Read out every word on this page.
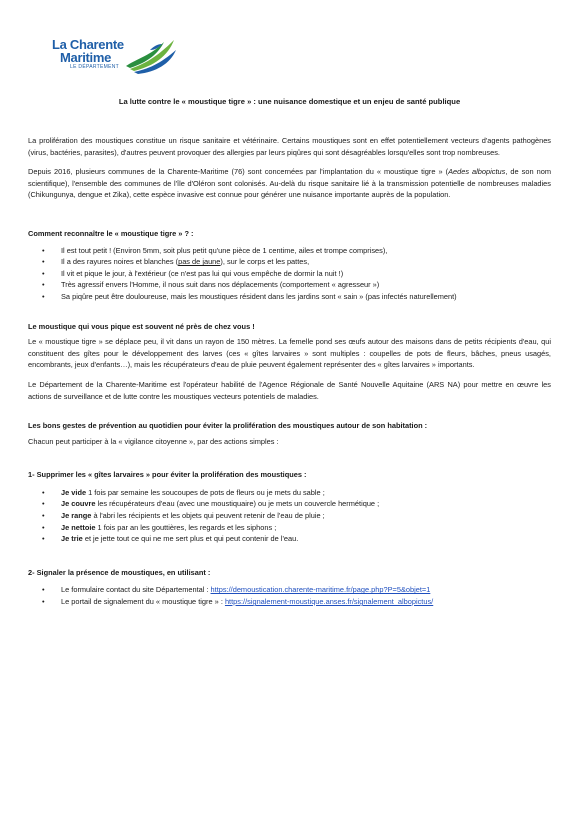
La Charente
Maritime
LE DÉPARTEMENT
La lutte contre le « moustique tigre » : une nuisance domestique et un enjeu de santé publique

La prolifération des moustiques constitue un risque sanitaire et vétérinaire. Certains moustiques sont en effet potentiellement vecteurs d'agents pathogènes (virus, bactéries, parasites), d'autres peuvent provoquer des allergies par leurs piqûres qui sont désagréables lorsqu'elles sont trop nombreuses.

Depuis 2016, plusieurs communes de la Charente-Maritime (76) sont concernées par l'implantation du « moustique tigre » (Aedes albopictus, de son nom scientifique), l'ensemble des communes de l'île d'Oléron sont colonisés. Au-delà du risque sanitaire lié à la transmission potentielle de nombreuses maladies (Chikungunya, dengue et Zika), cette espèce invasive est connue pour générer une nuisance importante auprès de la population.

Comment reconnaître le « moustique tigre » ? :

• Il est tout petit ! (Environ 5mm, soit plus petit qu'une pièce de 1 centime, ailes et trompe comprises),
• Il a des rayures noires et blanches (pas de jaune), sur le corps et les pattes,
• Il vit et pique le jour, à l'extérieur (ce n'est pas lui qui vous empêche de dormir la nuit !)
• Très agressif envers l'Homme, il nous suit dans nos déplacements (comportement « agresseur »)
• Sa piqûre peut être douloureuse, mais les moustiques résident dans les jardins sont « sain » (pas infectés naturellement)

Le moustique qui vous pique est souvent né près de chez vous !

Le « moustique tigre » se déplace peu, il vit dans un rayon de 150 mètres. La femelle pond ses œufs autour des maisons dans de petits récipients d'eau, qui constituent des gîtes pour le développement des larves (ces « gîtes larvaires » sont multiples : coupelles de pots de fleurs, bâches, pneus usagés, encombrants, jeux d'enfants…), mais les récupérateurs d'eau de pluie peuvent également représenter des « gîtes larvaires » importants.

Le Département de la Charente-Maritime est l'opérateur habilité de l'Agence Régionale de Santé Nouvelle Aquitaine (ARS NA) pour mettre en œuvre les actions de surveillance et de lutte contre les moustiques vecteurs potentiels de maladies.

Les bons gestes de prévention au quotidien pour éviter la prolifération des moustiques autour de son habitation :

Chacun peut participer à la « vigilance citoyenne », par des actions simples :

1- Supprimer les « gîtes larvaires » pour éviter la prolifération des moustiques :

• Je vide 1 fois par semaine les soucoupes de pots de fleurs ou je mets du sable ;
• Je couvre les récupérateurs d'eau (avec une moustiquaire) ou je mets un couvercle hermétique ;
• Je range à l'abri les récipients et les objets qui peuvent retenir de l'eau de pluie ;
• Je nettoie 1 fois par an les gouttières, les regards et les siphons ;
• Je trie et je jette tout ce qui ne me sert plus et qui peut contenir de l'eau.

2- Signaler la présence de moustiques, en utilisant :

• Le formulaire contact du site Départemental : https://demoustication.charente-maritime.fr/page.php?P=5&objet=1
• Le portail de signalement du « moustique tigre » : https://signalement-moustique.anses.fr/signalement_albopictus/
